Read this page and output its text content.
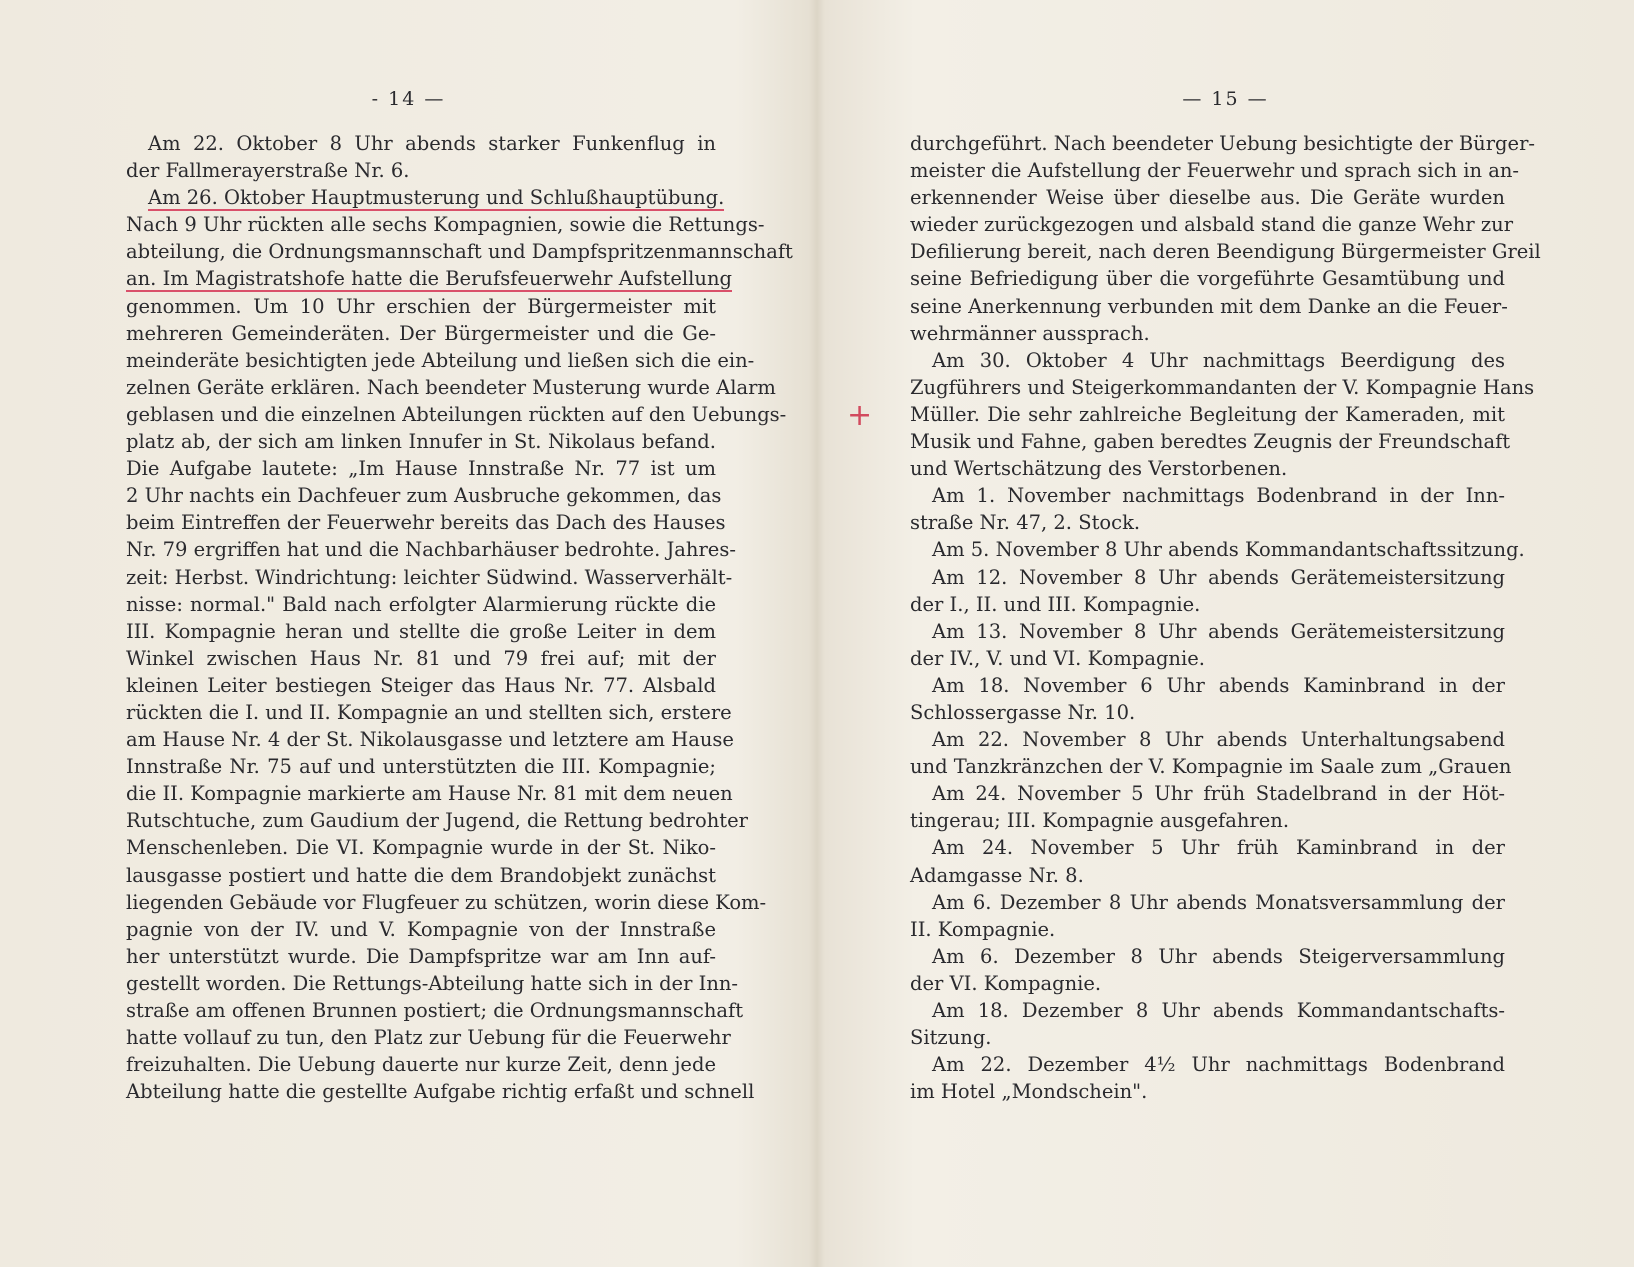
- 14 —
Am 22. Oktober 8 Uhr abends starker Funkenflug in
der Fallmerayerstraße Nr. 6.
Am 26. Oktober Hauptmusterung und Schlußhauptübung.
Nach 9 Uhr rückten alle sechs Kompagnien, sowie die Rettungs-
abteilung, die Ordnungsmannschaft und Dampfspritzenmannschaft
an. Im Magistratshofe hatte die Berufsfeuerwehr Aufstellung
genommen. Um 10 Uhr erschien der Bürgermeister mit
mehreren Gemeinderäten. Der Bürgermeister und die Ge-
meinderäte besichtigten jede Abteilung und ließen sich die ein-
zelnen Geräte erklären. Nach beendeter Musterung wurde Alarm
geblasen und die einzelnen Abteilungen rückten auf den Uebungs-
platz ab, der sich am linken Innufer in St. Nikolaus befand.
Die Aufgabe lautete: „Im Hause Innstraße Nr. 77 ist um
2 Uhr nachts ein Dachfeuer zum Ausbruche gekommen, das
beim Eintreffen der Feuerwehr bereits das Dach des Hauses
Nr. 79 ergriffen hat und die Nachbarhäuser bedrohte. Jahres-
zeit: Herbst. Windrichtung: leichter Südwind. Wasserverhält-
nisse: normal." Bald nach erfolgter Alarmierung rückte die
III. Kompagnie heran und stellte die große Leiter in dem
Winkel zwischen Haus Nr. 81 und 79 frei auf; mit der
kleinen Leiter bestiegen Steiger das Haus Nr. 77. Alsbald
rückten die I. und II. Kompagnie an und stellten sich, erstere
am Hause Nr. 4 der St. Nikolausgasse und letztere am Hause
Innstraße Nr. 75 auf und unterstützten die III. Kompagnie;
die II. Kompagnie markierte am Hause Nr. 81 mit dem neuen
Rutschtuche, zum Gaudium der Jugend, die Rettung bedrohter
Menschenleben. Die VI. Kompagnie wurde in der St. Niko-
lausgasse postiert und hatte die dem Brandobjekt zunächst
liegenden Gebäude vor Flugfeuer zu schützen, worin diese Kom-
pagnie von der IV. und V. Kompagnie von der Innstraße
her unterstützt wurde. Die Dampfspritze war am Inn auf-
gestellt worden. Die Rettungs-Abteilung hatte sich in der Inn-
straße am offenen Brunnen postiert; die Ordnungsmannschaft
hatte vollauf zu tun, den Platz zur Uebung für die Feuerwehr
freizuhalten. Die Uebung dauerte nur kurze Zeit, denn jede
Abteilung hatte die gestellte Aufgabe richtig erfaßt und schnell
— 15 —
+
durchgeführt. Nach beendeter Uebung besichtigte der Bürger-
meister die Aufstellung der Feuerwehr und sprach sich in an-
erkennender Weise über dieselbe aus. Die Geräte wurden
wieder zurückgezogen und alsbald stand die ganze Wehr zur
Defilierung bereit, nach deren Beendigung Bürgermeister Greil
seine Befriedigung über die vorgeführte Gesamtübung und
seine Anerkennung verbunden mit dem Danke an die Feuer-
wehrmänner aussprach.
Am 30. Oktober 4 Uhr nachmittags Beerdigung des
Zugführers und Steigerkommandanten der V. Kompagnie Hans
Müller. Die sehr zahlreiche Begleitung der Kameraden, mit
Musik und Fahne, gaben beredtes Zeugnis der Freundschaft
und Wertschätzung des Verstorbenen.
Am 1. November nachmittags Bodenbrand in der Inn-
straße Nr. 47, 2. Stock.
Am 5. November 8 Uhr abends Kommandantschaftssitzung.
Am 12. November 8 Uhr abends Gerätemeistersitzung
der I., II. und III. Kompagnie.
Am 13. November 8 Uhr abends Gerätemeistersitzung
der IV., V. und VI. Kompagnie.
Am 18. November 6 Uhr abends Kaminbrand in der
Schlossergasse Nr. 10.
Am 22. November 8 Uhr abends Unterhaltungsabend
und Tanzkränzchen der V. Kompagnie im Saale zum „Grauen
Am 24. November 5 Uhr früh Stadelbrand in der Höt-
tingerau; III. Kompagnie ausgefahren.
Am 24. November 5 Uhr früh Kaminbrand in der
Adamgasse Nr. 8.
Am 6. Dezember 8 Uhr abends Monatsversammlung der
II. Kompagnie.
Am 6. Dezember 8 Uhr abends Steigerversammlung
der VI. Kompagnie.
Am 18. Dezember 8 Uhr abends Kommandantschafts-
Sitzung.
Am 22. Dezember 4½ Uhr nachmittags Bodenbrand
im Hotel „Mondschein".
